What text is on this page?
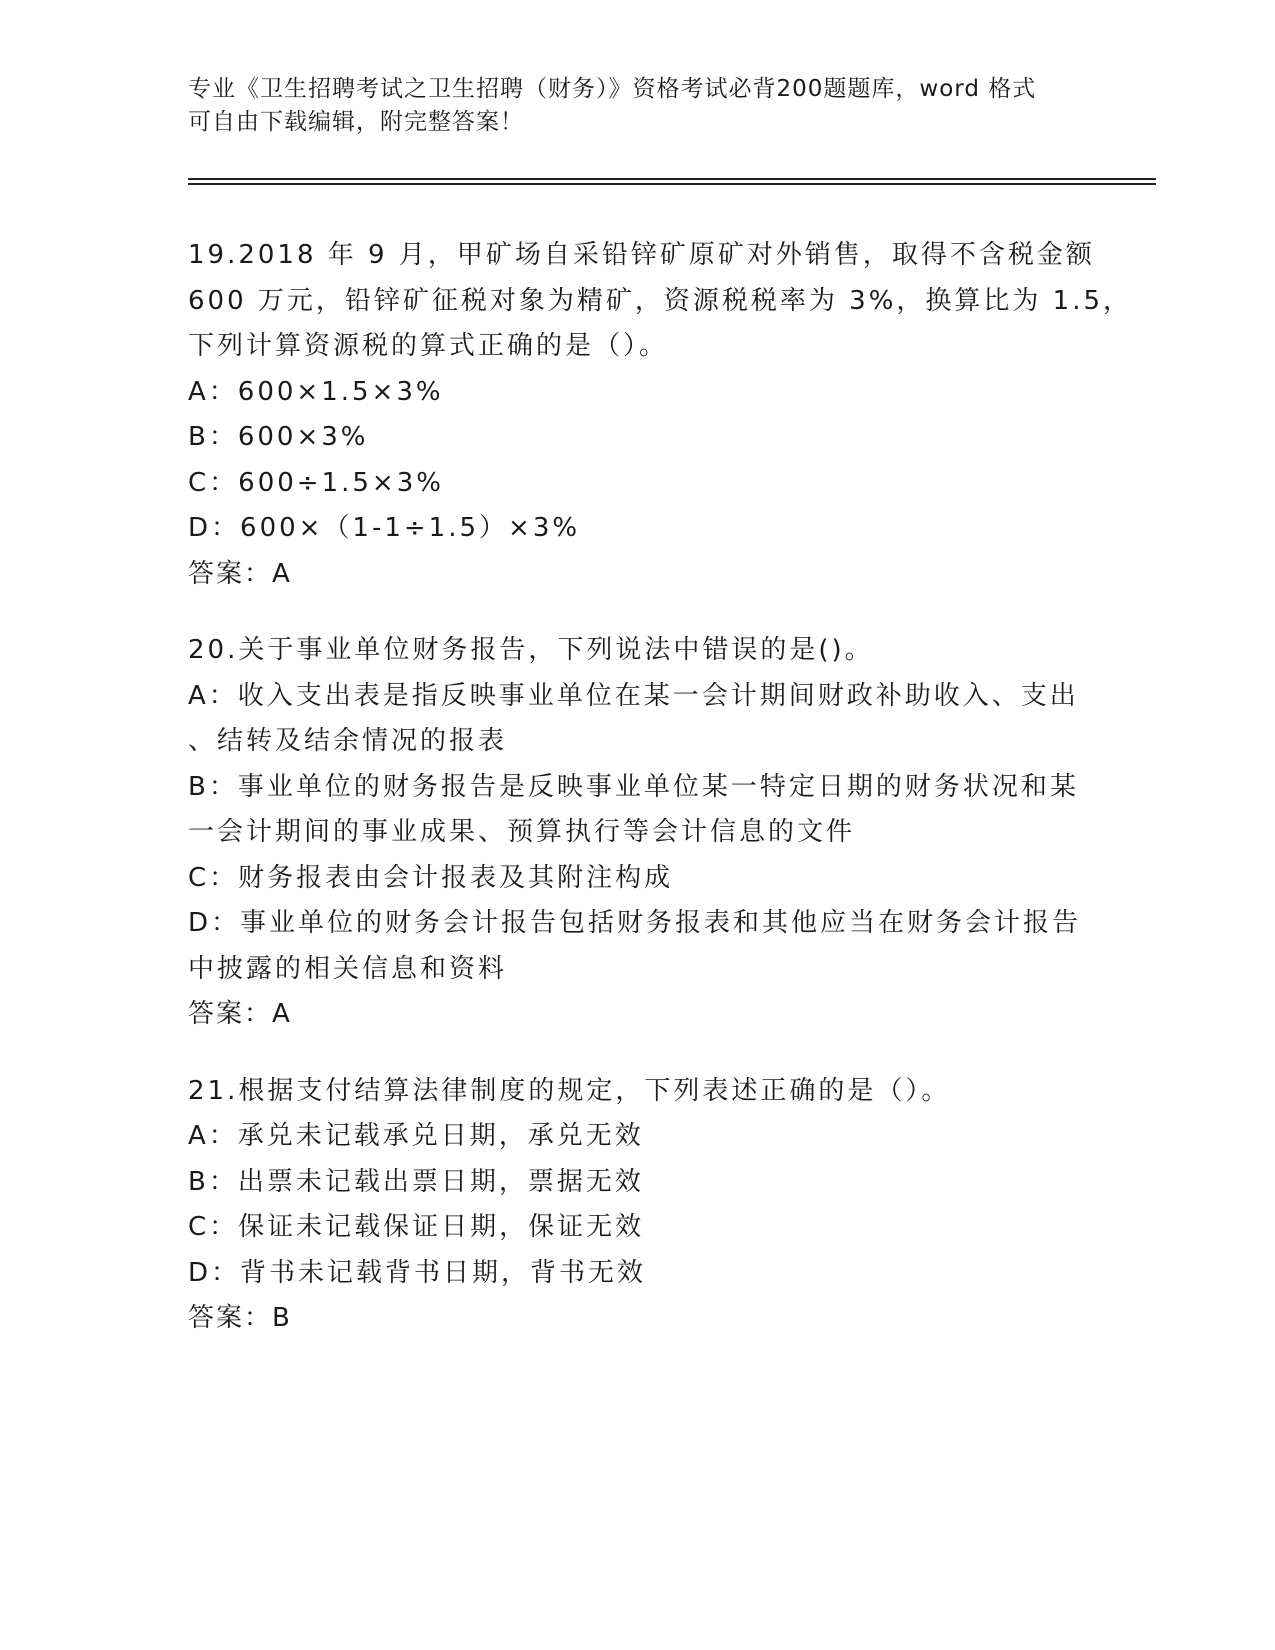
专业《卫生招聘考试之卫生招聘（财务）》资格考试必背200题题库，word 格式
可自由下载编辑，附完整答案！
19.2018 年 9 月，甲矿场自采铅锌矿原矿对外销售，取得不含税金额
600 万元，铅锌矿征税对象为精矿，资源税税率为 3%，换算比为 1.5，
下列计算资源税的算式正确的是（）。
A：600×1.5×3%
B：600×3%
C：600÷1.5×3%
D：600×（1-1÷1.5）×3%
答案：A
20.关于事业单位财务报告，下列说法中错误的是()。
A：收入支出表是指反映事业单位在某一会计期间财政补助收入、支出
、结转及结余情况的报表
B：事业单位的财务报告是反映事业单位某一特定日期的财务状况和某
一会计期间的事业成果、预算执行等会计信息的文件
C：财务报表由会计报表及其附注构成
D：事业单位的财务会计报告包括财务报表和其他应当在财务会计报告
中披露的相关信息和资料
答案：A
21.根据支付结算法律制度的规定，下列表述正确的是（）。
A：承兑未记载承兑日期，承兑无效
B：出票未记载出票日期，票据无效
C：保证未记载保证日期，保证无效
D：背书未记载背书日期，背书无效
答案：B
